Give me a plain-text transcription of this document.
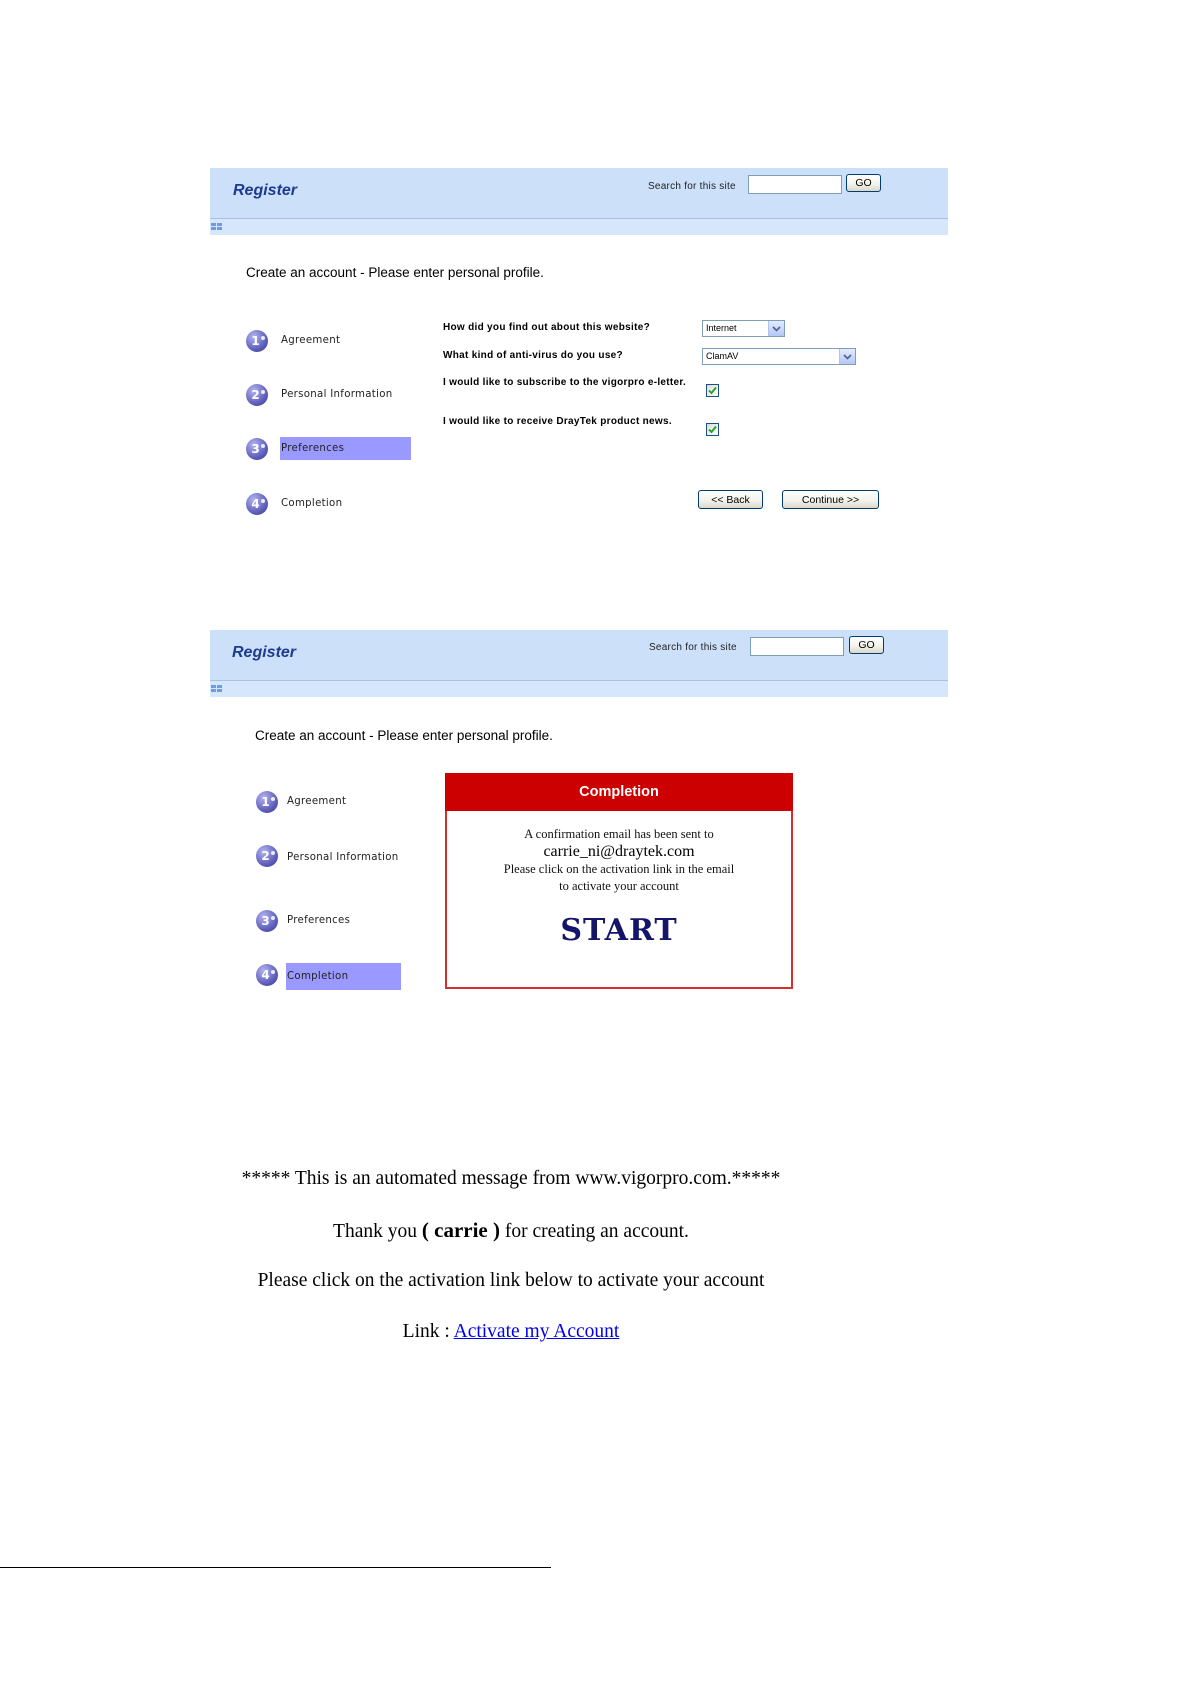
Register	Search for this site	GO
Create an account - Please enter personal profile.
1 Agreement
2 Personal Information
3 Preferences
4 Completion
How did you find out about this website?	Internet
What kind of anti-virus do you use?	ClamAV
I would like to subscribe to the vigorpro e-letter.
I would like to receive DrayTek product news.
<< Back	Continue >>
Register	Search for this site	GO
Create an account - Please enter personal profile.
1 Agreement
2 Personal Information
3 Preferences
4 Completion
Completion
A confirmation email has been sent to
carrie_ni@draytek.com
Please click on the activation link in the email
to activate your account
START
***** This is an automated message from www.vigorpro.com.*****
Thank you ( carrie ) for creating an account.
Please click on the activation link below to activate your account
Link : Activate my Account
